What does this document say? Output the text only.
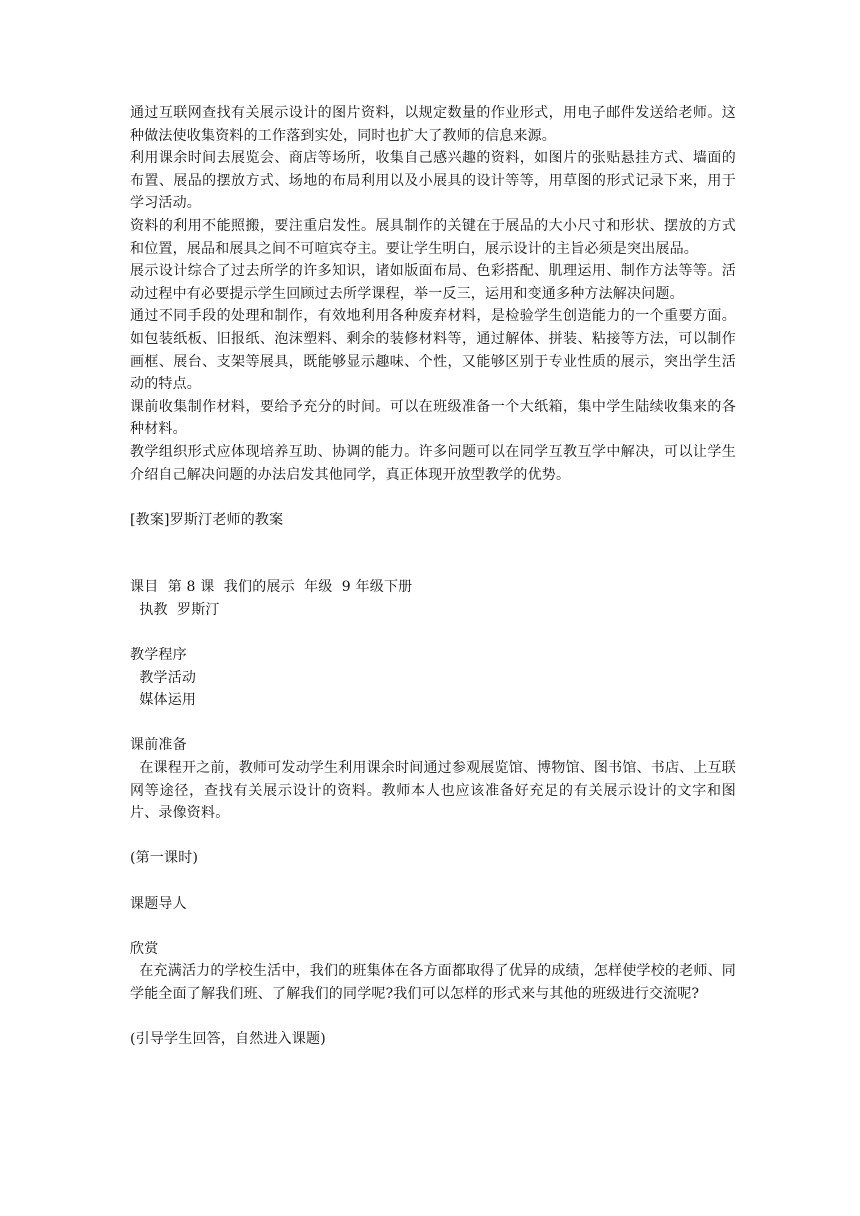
通过互联网查找有关展示设计的图片资料，以规定数量的作业形式，用电子邮件发送给老师。这种做法使收集资料的工作落到实处，同时也扩大了教师的信息来源。

利用课余时间去展览会、商店等场所，收集自己感兴趣的资料，如图片的张贴悬挂方式、墙面的布置、展品的摆放方式、场地的布局利用以及小展具的设计等等，用草图的形式记录下来，用于学习活动。

资料的利用不能照搬，要注重启发性。展具制作的关键在于展品的大小尺寸和形状、摆放的方式和位置，展品和展具之间不可喧宾夺主。要让学生明白，展示设计的主旨必须是突出展品。

展示设计综合了过去所学的许多知识，诸如版面布局、色彩搭配、肌理运用、制作方法等等。活动过程中有必要提示学生回顾过去所学课程，举一反三，运用和变通多种方法解决问题。

通过不同手段的处理和制作，有效地利用各种废弃材料，是检验学生创造能力的一个重要方面。如包装纸板、旧报纸、泡沫塑料、剩余的装修材料等，通过解体、拼装、粘接等方法，可以制作画框、展台、支架等展具，既能够显示趣味、个性，又能够区别于专业性质的展示，突出学生活动的特点。

课前收集制作材料，要给予充分的时间。可以在班级准备一个大纸箱，集中学生陆续收集来的各种材料。

教学组织形式应体现培养互助、协调的能力。许多问题可以在同学互教互学中解决，可以让学生介绍自己解决问题的办法启发其他同学，真正体现开放型教学的优势。

[教案]罗斯汀老师的教案

课目  第 8 课  我们的展示  年级  9 年级下册

执教  罗斯汀

教学程序

教学活动

媒体运用

课前准备

在课程开之前，教师可发动学生利用课余时间通过参观展览馆、博物馆、图书馆、书店、上互联网等途径，查找有关展示设计的资料。教师本人也应该准备好充足的有关展示设计的文字和图片、录像资料。

(第一课时)

课题导人

欣赏

在充满活力的学校生活中，我们的班集体在各方面都取得了优异的成绩，怎样使学校的老师、同学能全面了解我们班、了解我们的同学呢?我们可以怎样的形式来与其他的班级进行交流呢?

(引导学生回答，自然进入课题)
